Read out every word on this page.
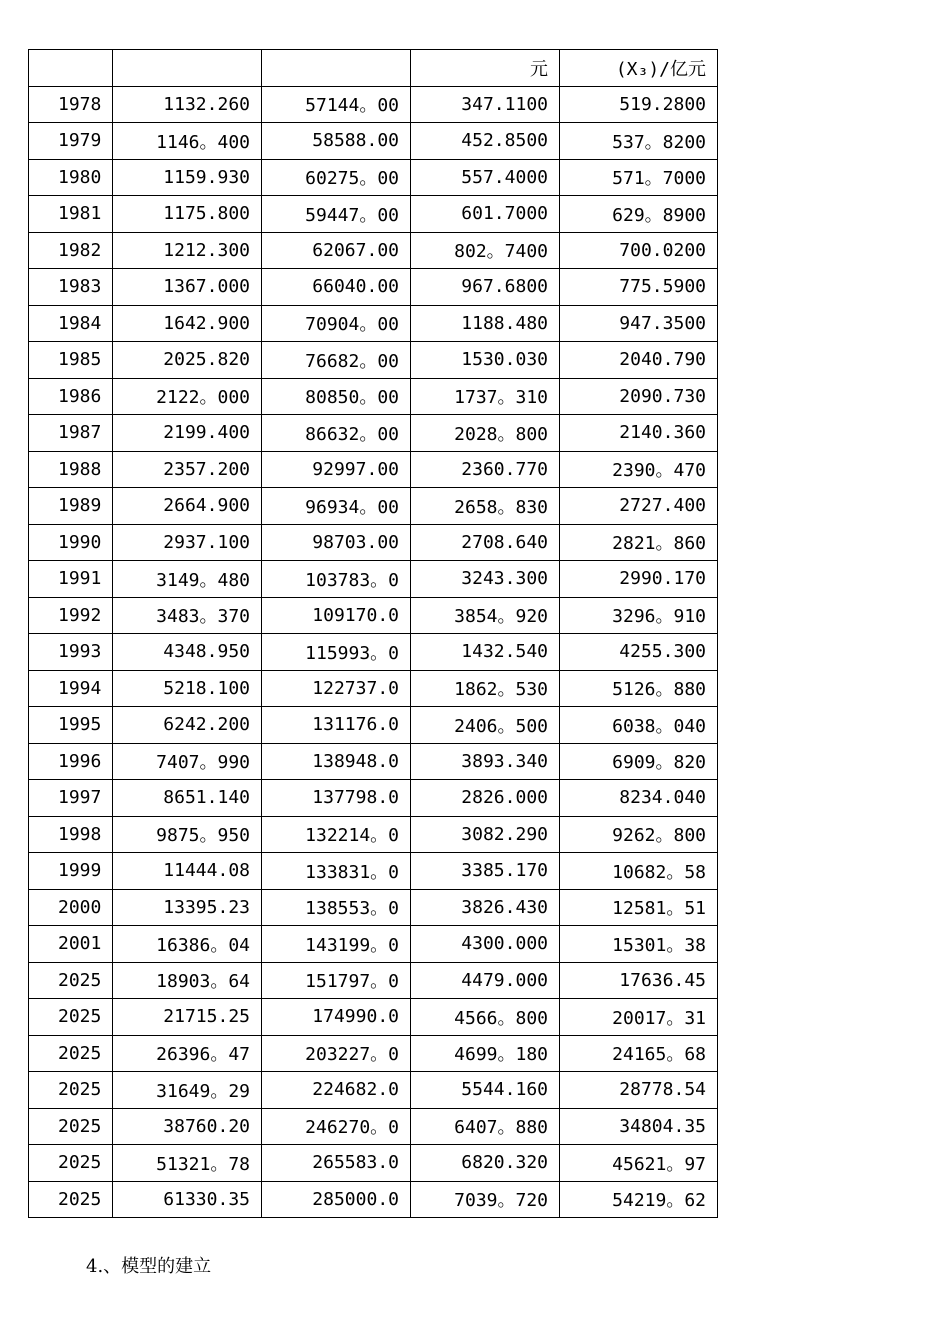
			元	(X₃)/亿元
1978	1132.260	57144。00	347.1100	519.2800
1979	1146。400	58588.00	452.8500	537。8200
1980	1159.930	60275。00	557.4000	571。7000
1981	1175.800	59447。00	601.7000	629。8900
1982	1212.300	62067.00	802。7400	700.0200
1983	1367.000	66040.00	967.6800	775.5900
1984	1642.900	70904。00	1188.480	947.3500
1985	2025.820	76682。00	1530.030	2040.790
1986	2122。000	80850。00	1737。310	2090.730
1987	2199.400	86632。00	2028。800	2140.360
1988	2357.200	92997.00	2360.770	2390。470
1989	2664.900	96934。00	2658。830	2727.400
1990	2937.100	98703.00	2708.640	2821。860
1991	3149。480	103783。0	3243.300	2990.170
1992	3483。370	109170.0	3854。920	3296。910
1993	4348.950	115993。0	1432.540	4255.300
1994	5218.100	122737.0	1862。530	5126。880
1995	6242.200	131176.0	2406。500	6038。040
1996	7407。990	138948.0	3893.340	6909。820
1997	8651.140	137798.0	2826.000	8234.040
1998	9875。950	132214。0	3082.290	9262。800
1999	11444.08	133831。0	3385.170	10682。58
2000	13395.23	138553。0	3826.430	12581。51
2001	16386。04	143199。0	4300.000	15301。38
2025	18903。64	151797。0	4479.000	17636.45
2025	21715.25	174990.0	4566。800	20017。31
2025	26396。47	203227。0	4699。180	24165。68
2025	31649。29	224682.0	5544.160	28778.54
2025	38760.20	246270。0	6407。880	34804.35
2025	51321。78	265583.0	6820.320	45621。97
2025	61330.35	285000.0	7039。720	54219。62
4.、模型的建立
